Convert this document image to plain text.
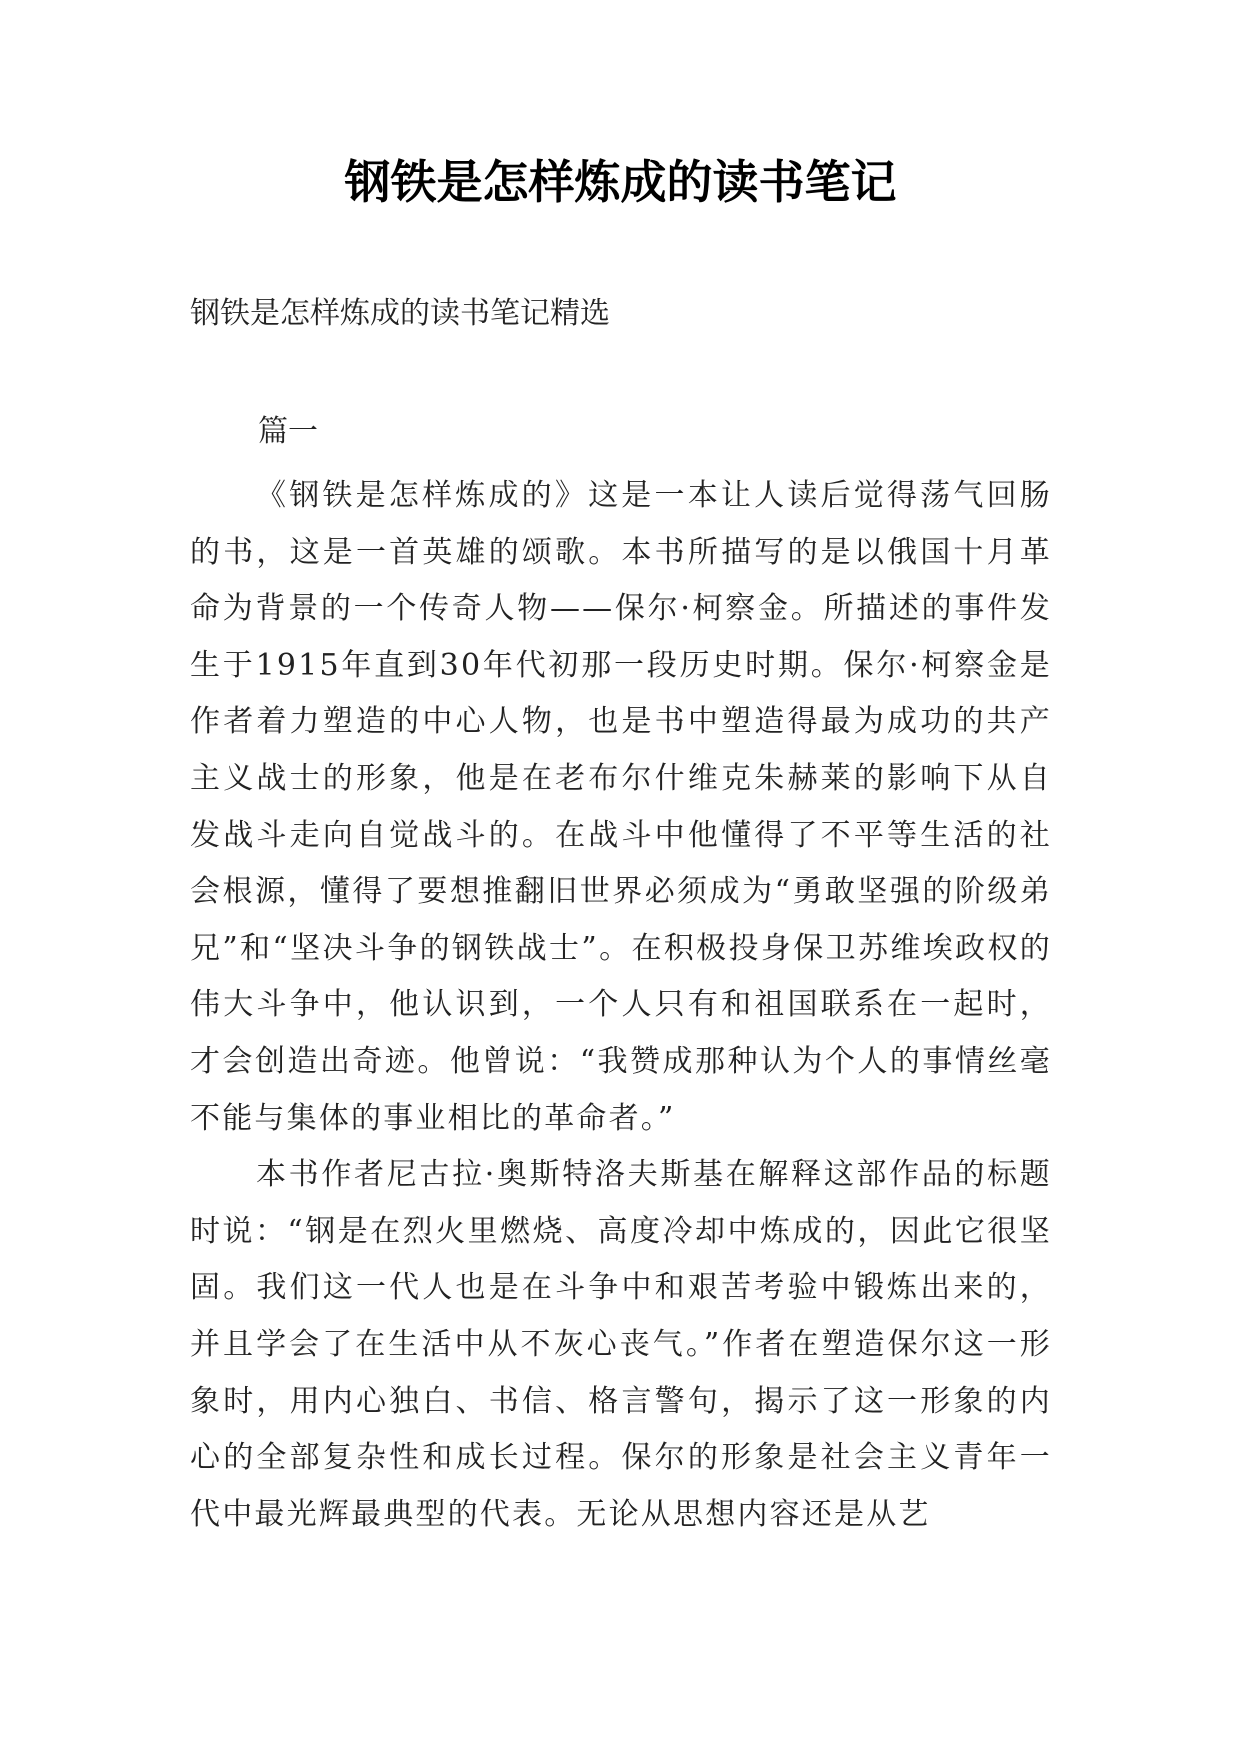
钢铁是怎样炼成的读书笔记

钢铁是怎样炼成的读书笔记精选

篇一

《钢铁是怎样炼成的》这是一本让人读后觉得荡气回肠的书，这是一首英雄的颂歌。本书所描写的是以俄国十月革命为背景的一个传奇人物——保尔·柯察金。所描述的事件发生于1915年直到30年代初那一段历史时期。保尔·柯察金是作者着力塑造的中心人物，也是书中塑造得最为成功的共产主义战士的形象，他是在老布尔什维克朱赫莱的影响下从自发战斗走向自觉战斗的。在战斗中他懂得了不平等生活的社会根源，懂得了要想推翻旧世界必须成为“勇敢坚强的阶级弟兄”和“坚决斗争的钢铁战士”。在积极投身保卫苏维埃政权的伟大斗争中，他认识到，一个人只有和祖国联系在一起时，才会创造出奇迹。他曾说：“我赞成那种认为个人的事情丝毫不能与集体的事业相比的革命者。”

本书作者尼古拉·奥斯特洛夫斯基在解释这部作品的标题时说：“钢是在烈火里燃烧、高度冷却中炼成的，因此它很坚固。我们这一代人也是在斗争中和艰苦考验中锻炼出来的，并且学会了在生活中从不灰心丧气。”作者在塑造保尔这一形象时，用内心独白、书信、格言警句，揭示了这一形象的内心的全部复杂性和成长过程。保尔的形象是社会主义青年一代中最光辉最典型的代表。无论从思想内容还是从艺
